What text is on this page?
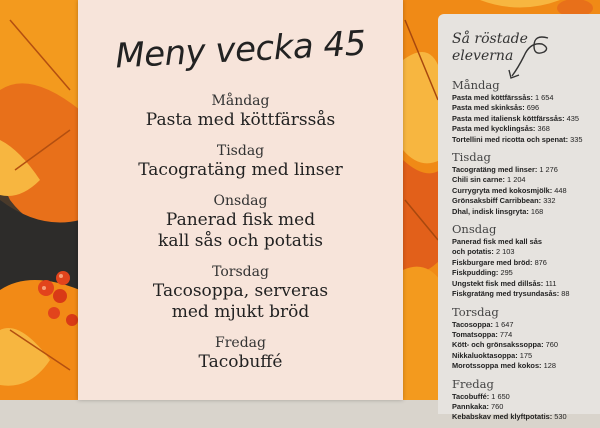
Meny vecka 45
Måndag
Pasta med köttfärssås
Tisdag
Tacogratäng med linser
Onsdag
Panerad fisk med
kall sås och potatis
Torsdag
Tacosoppa, serveras
med mjukt bröd
Fredag
Tacobuffé
Så röstade
eleverna
Måndag
Pasta med köttfärssås: 1 654
Pasta med skinksås: 696
Pasta med italiensk köttfärssås: 435
Pasta med kycklingsås: 368
Tortellini med ricotta och spenat: 335
Tisdag
Tacogratäng med linser: 1 276
Chili sin carne: 1 204
Currygryta med kokosmjölk: 448
Grönsaksbiff Carribbean: 332
Dhal, indisk linsgryta: 168
Onsdag
Panerad fisk med kall sås
och potatis: 2 103
Fiskburgare med bröd: 876
Fiskpudding: 295
Ungstekt fisk med dillsås: 111
Fiskgratäng med trysundasås: 88
Torsdag
Tacosoppa: 1 647
Tomatsoppa: 774
Kött- och grönsakssoppa: 760
Nikkaluoktasoppa: 175
Morotssoppa med kokos: 128
Fredag
Tacobuffé: 1 650
Pannkaka: 760
Kebabskav med klyftpotatis: 530
